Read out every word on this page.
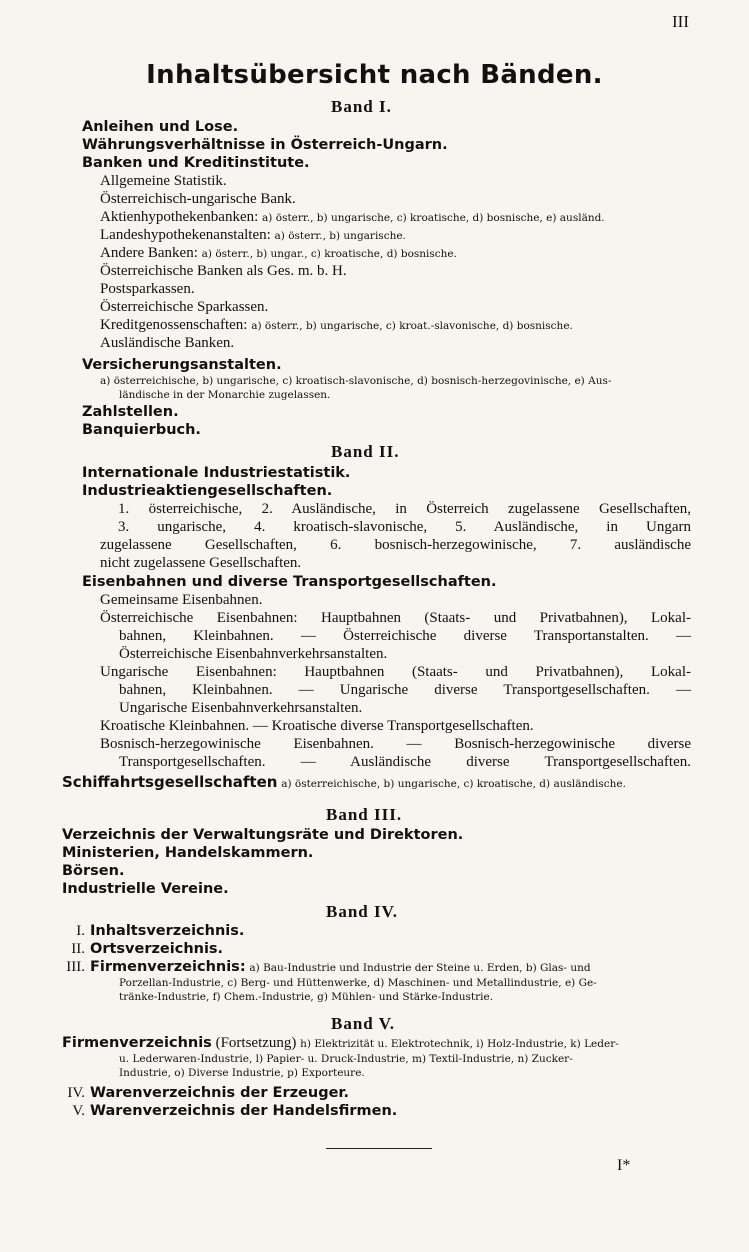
III
Inhaltsübersicht nach Bänden.
Band I.
Anleihen und Lose.
Währungsverhältnisse in Österreich-Ungarn.
Banken und Kreditinstitute.
Allgemeine Statistik.
Österreichisch-ungarische Bank.
Aktienhypothekenbanken: a) österr., b) ungarische, c) kroatische, d) bosnische, e) ausländ.
Landeshypothekenanstalten: a) österr., b) ungarische.
Andere Banken: a) österr., b) ungar., c) kroatische, d) bosnische.
Österreichische Banken als Ges. m. b. H.
Postsparkassen.
Österreichische Sparkassen.
Kreditgenossenschaften: a) österr., b) ungarische, c) kroat.-slavonische, d) bosnische.
Ausländische Banken.
Versicherungsanstalten.
a) österreichische, b) ungarische, c) kroatisch-slavonische, d) bosnisch-herzegovinische, e) Aus-
ländische in der Monarchie zugelassen.
Zahlstellen.
Banquierbuch.
Band II.
Internationale Industriestatistik.
Industrieaktiengesellschaften.
1. österreichische, 2. Ausländische, in Österreich zugelassene Gesellschaften,
3. ungarische, 4. kroatisch-slavonische, 5. Ausländische, in Ungarn
zugelassene Gesellschaften, 6. bosnisch-herzegowinische, 7. ausländische
nicht zugelassene Gesellschaften.
Eisenbahnen und diverse Transportgesellschaften.
Gemeinsame Eisenbahnen.
Österreichische Eisenbahnen: Hauptbahnen (Staats- und Privatbahnen), Lokal-
bahnen, Kleinbahnen. — Österreichische diverse Transportanstalten. —
Österreichische Eisenbahnverkehrsanstalten.
Ungarische Eisenbahnen: Hauptbahnen (Staats- und Privatbahnen), Lokal-
bahnen, Kleinbahnen. — Ungarische diverse Transportgesellschaften. —
Ungarische Eisenbahnverkehrsanstalten.
Kroatische Kleinbahnen. — Kroatische diverse Transportgesellschaften.
Bosnisch-herzegowinische Eisenbahnen. — Bosnisch-herzegowinische diverse
Transportgesellschaften. — Ausländische diverse Transportgesellschaften.
Schiffahrtsgesellschaften a) österreichische, b) ungarische, c) kroatische, d) ausländische.
Band III.
Verzeichnis der Verwaltungsräte und Direktoren.
Ministerien, Handelskammern.
Börsen.
Industrielle Vereine.
Band IV.
I. Inhaltsverzeichnis.
II. Ortsverzeichnis.
III. Firmenverzeichnis: a) Bau-Industrie und Industrie der Steine u. Erden, b) Glas- und
Porzellan-Industrie, c) Berg- und Hüttenwerke, d) Maschinen- und Metallindustrie, e) Ge-
tränke-Industrie, f) Chem.-Industrie, g) Mühlen- und Stärke-Industrie.
Band V.
Firmenverzeichnis (Fortsetzung) h) Elektrizität u. Elektrotechnik, i) Holz-Industrie, k) Leder-
u. Lederwaren-Industrie, l) Papier- u. Druck-Industrie, m) Textil-Industrie, n) Zucker-
Industrie, o) Diverse Industrie, p) Exporteure.
IV. Warenverzeichnis der Erzeuger.
V. Warenverzeichnis der Handelsfirmen.
I*
